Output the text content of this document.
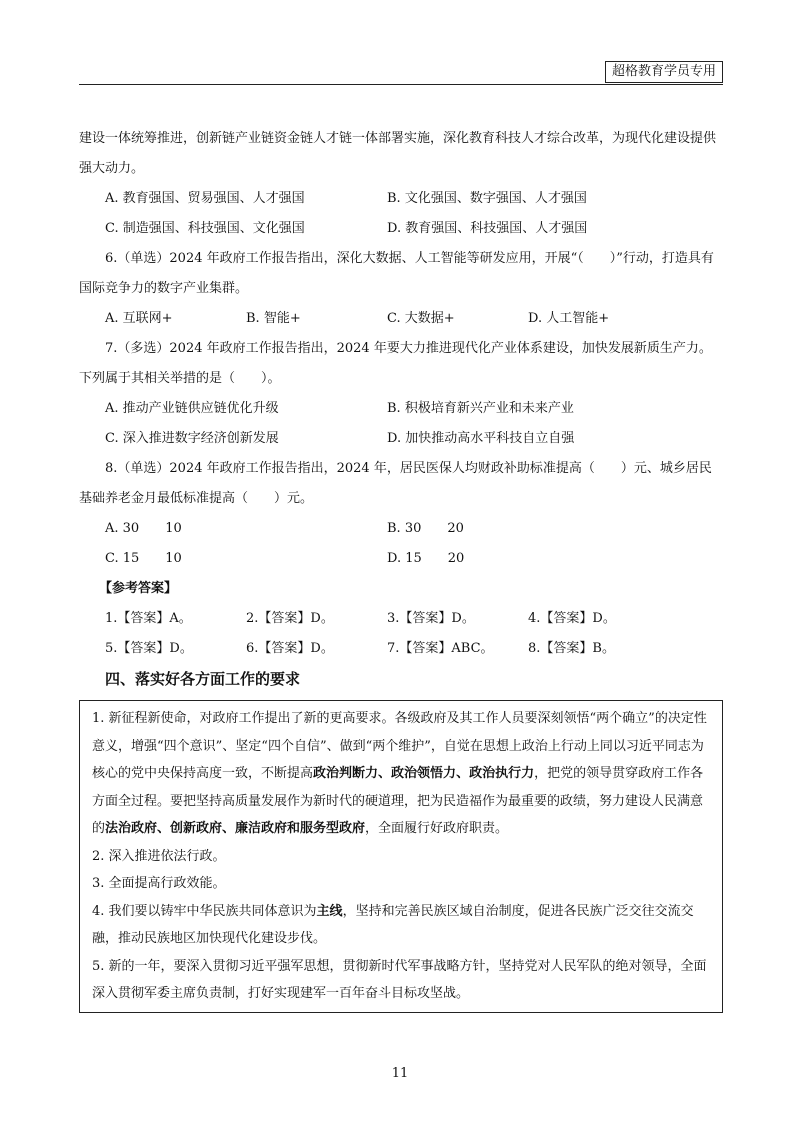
超格教育学员专用

建设一体统筹推进，创新链产业链资金链人才链一体部署实施，深化教育科技人才综合改革，为现代化建设提供强大动力。

A. 教育强国、贸易强国、人才强国	B. 文化强国、数字强国、人才强国
C. 制造强国、科技强国、文化强国	D. 教育强国、科技强国、人才强国

6.（单选）2024 年政府工作报告指出，深化大数据、人工智能等研发应用，开展“（　　）”行动，打造具有国际竞争力的数字产业集群。

A. 互联网+	B. 智能+	C. 大数据+	D. 人工智能+

7.（多选）2024 年政府工作报告指出，2024 年要大力推进现代化产业体系建设，加快发展新质生产力。下列属于其相关举措的是（　　）。

A. 推动产业链供应链优化升级	B. 积极培育新兴产业和未来产业
C. 深入推进数字经济创新发展	D. 加快推动高水平科技自立自强

8.（单选）2024 年政府工作报告指出，2024 年，居民医保人均财政补助标准提高（　　）元、城乡居民基础养老金月最低标准提高（　　）元。

A. 30　　10	B. 30　　20
C. 15　　10	D. 15　　20

【参考答案】

1.【答案】A。	2.【答案】D。	3.【答案】D。	4.【答案】D。
5.【答案】D。	6.【答案】D。	7.【答案】ABC。	8.【答案】B。

四、落实好各方面工作的要求

1. 新征程新使命，对政府工作提出了新的更高要求。各级政府及其工作人员要深刻领悟“两个确立”的决定性意义，增强“四个意识”、坚定“四个自信”、做到“两个维护”，自觉在思想上政治上行动上同以习近平同志为核心的党中央保持高度一致，不断提高政治判断力、政治领悟力、政治执行力，把党的领导贯穿政府工作各方面全过程。要把坚持高质量发展作为新时代的硬道理，把为民造福作为最重要的政绩，努力建设人民满意的法治政府、创新政府、廉洁政府和服务型政府，全面履行好政府职责。

2. 深入推进依法行政。

3. 全面提高行政效能。

4. 我们要以铸牢中华民族共同体意识为主线，坚持和完善民族区域自治制度，促进各民族广泛交往交流交融，推动民族地区加快现代化建设步伐。

5. 新的一年，要深入贯彻习近平强军思想，贯彻新时代军事战略方针，坚持党对人民军队的绝对领导，全面深入贯彻军委主席负责制，打好实现建军一百年奋斗目标攻坚战。

11
